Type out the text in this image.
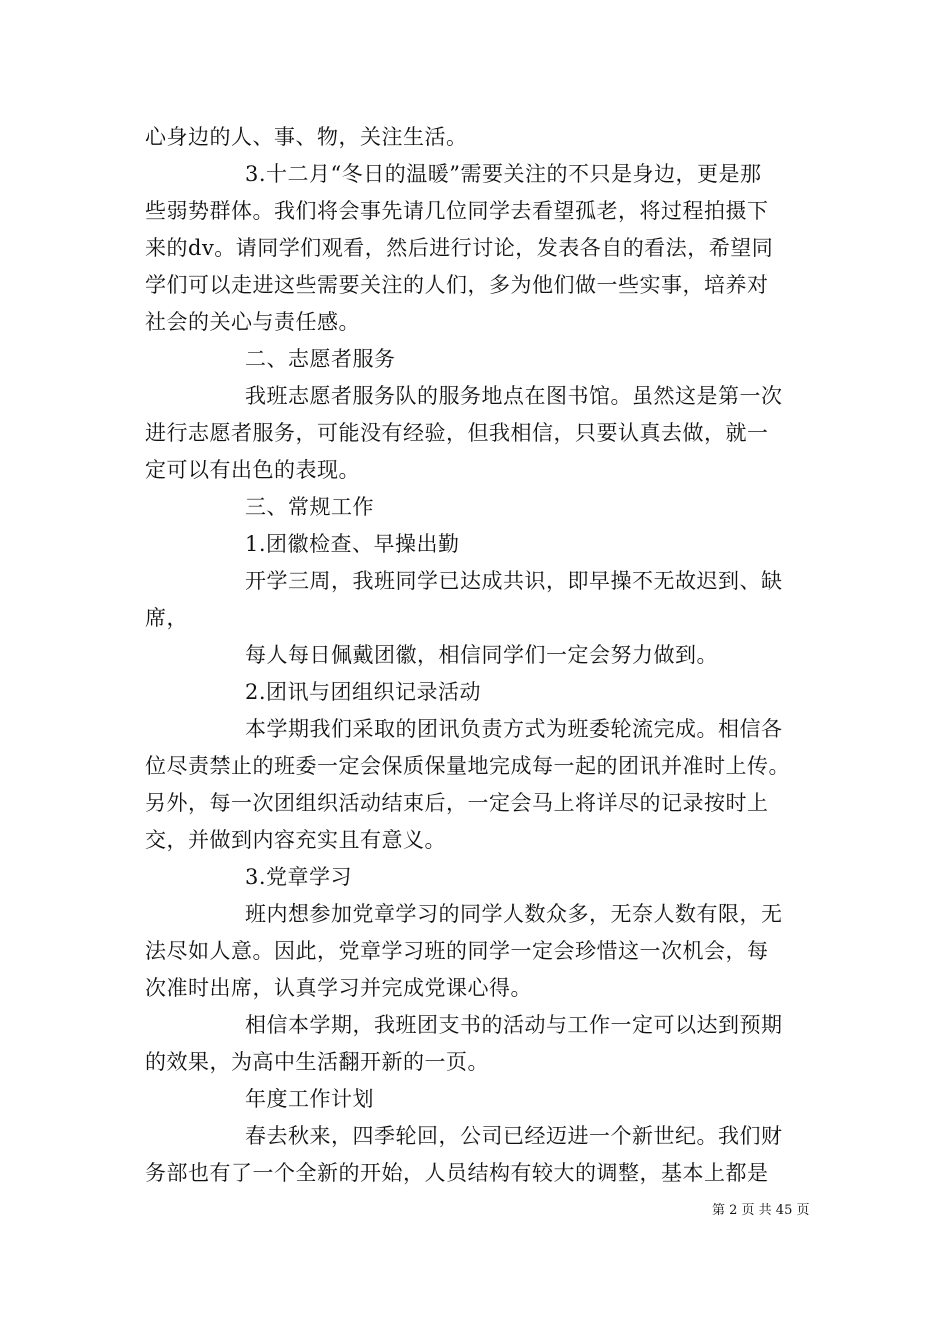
心身边的人、事、物，关注生活。
3.十二月“冬日的温暖”需要关注的不只是身边，更是那
些弱势群体。我们将会事先请几位同学去看望孤老，将过程拍摄下
来的dv。请同学们观看，然后进行讨论，发表各自的看法，希望同
学们可以走进这些需要关注的人们，多为他们做一些实事，培养对
社会的关心与责任感。
二、志愿者服务
我班志愿者服务队的服务地点在图书馆。虽然这是第一次
进行志愿者服务，可能没有经验，但我相信，只要认真去做，就一
定可以有出色的表现。
三、常规工作
1.团徽检查、早操出勤
开学三周，我班同学已达成共识，即早操不无故迟到、缺
席，
每人每日佩戴团徽，相信同学们一定会努力做到。
2.团讯与团组织记录活动
本学期我们采取的团讯负责方式为班委轮流完成。相信各
位尽责禁止的班委一定会保质保量地完成每一起的团讯并准时上传。
另外，每一次团组织活动结束后，一定会马上将详尽的记录按时上
交，并做到内容充实且有意义。
3.党章学习
班内想参加党章学习的同学人数众多，无奈人数有限，无
法尽如人意。因此，党章学习班的同学一定会珍惜这一次机会，每
次准时出席，认真学习并完成党课心得。
相信本学期，我班团支书的活动与工作一定可以达到预期
的效果，为高中生活翻开新的一页。
年度工作计划
春去秋来，四季轮回，公司已经迈进一个新世纪。我们财
务部也有了一个全新的开始，人员结构有较大的调整，基本上都是
第 2 页 共 45 页
